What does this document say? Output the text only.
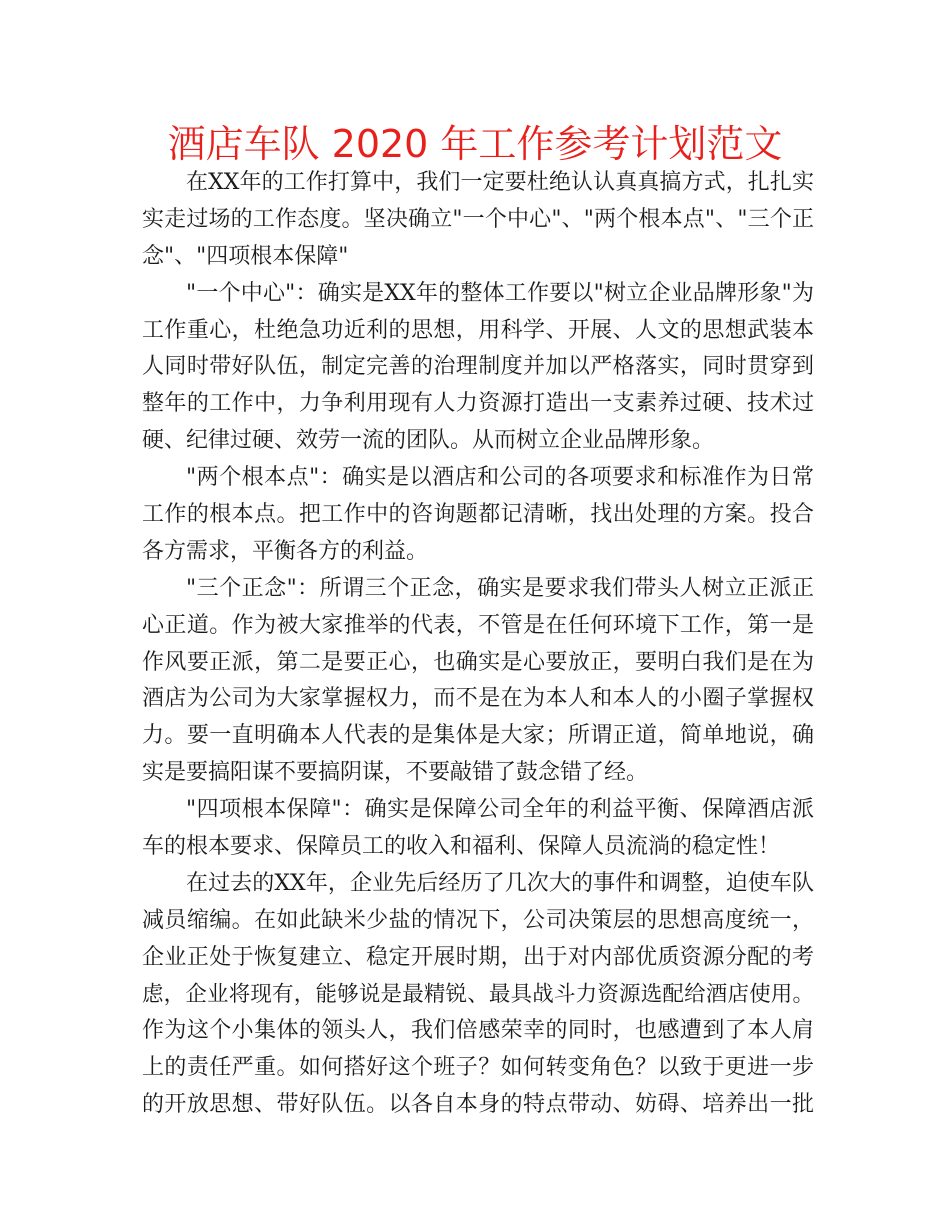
酒店车队 2020 年工作参考计划范文
在XX年的工作打算中，我们一定要杜绝认认真真搞方式，扎扎实
实走过场的工作态度。坚决确立"一个中心"、"两个根本点"、"三个正
念"、"四项根本保障"
"一个中心"：确实是XX年的整体工作要以"树立企业品牌形象"为
工作重心，杜绝急功近利的思想，用科学、开展、人文的思想武装本
人同时带好队伍，制定完善的治理制度并加以严格落实，同时贯穿到
整年的工作中，力争利用现有人力资源打造出一支素养过硬、技术过
硬、纪律过硬、效劳一流的团队。从而树立企业品牌形象。
"两个根本点"：确实是以酒店和公司的各项要求和标准作为日常
工作的根本点。把工作中的咨询题都记清晰，找出处理的方案。投合
各方需求，平衡各方的利益。
"三个正念"：所谓三个正念，确实是要求我们带头人树立正派正
心正道。作为被大家推举的代表，不管是在任何环境下工作，第一是
作风要正派，第二是要正心，也确实是心要放正，要明白我们是在为
酒店为公司为大家掌握权力，而不是在为本人和本人的小圈子掌握权
力。要一直明确本人代表的是集体是大家；所谓正道，简单地说，确
实是要搞阳谋不要搞阴谋，不要敲错了鼓念错了经。
"四项根本保障"：确实是保障公司全年的利益平衡、保障酒店派
车的根本要求、保障员工的收入和福利、保障人员流淌的稳定性！
在过去的XX年，企业先后经历了几次大的事件和调整，迫使车队
减员缩编。在如此缺米少盐的情况下，公司决策层的思想高度统一，
企业正处于恢复建立、稳定开展时期，出于对内部优质资源分配的考
虑，企业将现有，能够说是最精锐、最具战斗力资源选配给酒店使用。
作为这个小集体的领头人，我们倍感荣幸的同时，也感遭到了本人肩
上的责任严重。如何搭好这个班子？如何转变角色？以致于更进一步
的开放思想、带好队伍。以各自本身的特点带动、妨碍、培养出一批
